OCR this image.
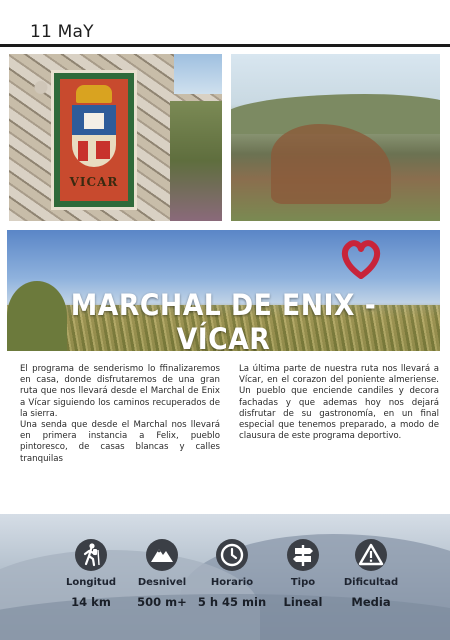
11 MaY
VICAR
MARCHAL DE ENIX - VÍCAR

El programa de senderismo lo ffinalizaremos en casa, donde disfrutaremos de una gran ruta que nos llevará desde el Marchal de Enix a Vícar siguiendo los caminos recuperados de la sierra.

Una senda que desde el Marchal nos llevará en primera instancia a Felix, pueblo pintoresco, de casas blancas y calles tranquilas

La última parte de nuestra ruta nos llevará a Vícar, en el corazon del poniente almeriense. Un pueblo que enciende candiles y decora fachadas y que ademas hoy nos dejará disfrutar de su gastronomía, en un final especial que tenemos preparado, a modo de clausura de este programa deportivo.

Longitud
14 km
Desnivel
500 m+
Horario
5 h 45 min
Tipo
Lineal
Dificultad
Media
